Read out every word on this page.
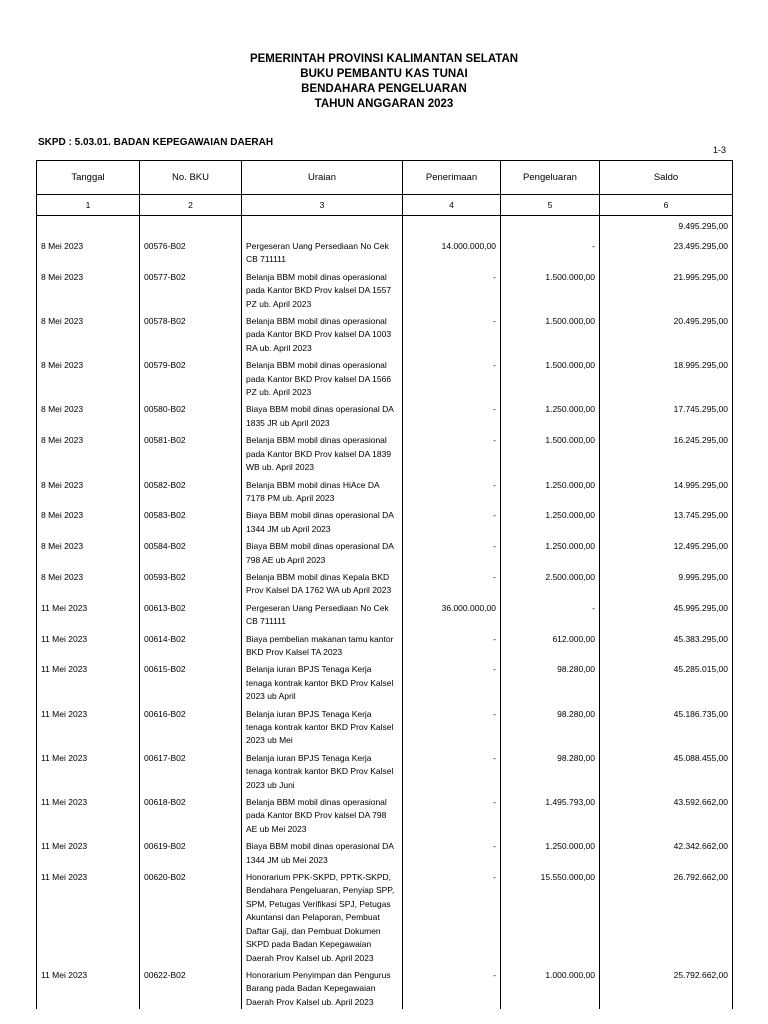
PEMERINTAH PROVINSI KALIMANTAN SELATAN
BUKU PEMBANTU KAS TUNAI
BENDAHARA PENGELUARAN
TAHUN ANGGARAN 2023
SKPD : 5.03.01. BADAN KEPEGAWAIAN DAERAH
1-3
Tanggal	No. BKU	Uraian	Penerimaan	Pengeluaran	Saldo
1	2	3	4	5	6
					9.495.295,00
8 Mei 2023	00576-B02	Pergeseran Uang Persediaan No Cek CB 711111	14.000.000,00	-	23.495.295,00
8 Mei 2023	00577-B02	Belanja BBM mobil dinas operasional pada Kantor BKD Prov kalsel DA 1557 PZ ub. April 2023	-	1.500.000,00	21.995.295,00
8 Mei 2023	00578-B02	Belanja BBM mobil dinas operasional pada Kantor BKD Prov kalsel DA 1003 RA ub. April 2023	-	1.500.000,00	20.495.295,00
8 Mei 2023	00579-B02	Belanja BBM mobil dinas operasional pada Kantor BKD Prov kalsel DA 1566 PZ ub. April 2023	-	1.500.000,00	18.995.295,00
8 Mei 2023	00580-B02	Biaya BBM mobil dinas operasional DA 1835 JR ub April 2023	-	1.250.000,00	17.745.295,00
8 Mei 2023	00581-B02	Belanja BBM mobil dinas operasional pada Kantor BKD Prov kalsel DA 1839 WB ub. April 2023	-	1.500.000,00	16.245.295,00
8 Mei 2023	00582-B02	Belanja BBM mobil dinas HiAce DA 7178 PM ub. April 2023	-	1.250.000,00	14.995.295,00
8 Mei 2023	00583-B02	Biaya BBM mobil dinas operasional DA 1344 JM ub April 2023	-	1.250.000,00	13.745.295,00
8 Mei 2023	00584-B02	Biaya BBM mobil dinas operasional DA 798 AE ub April 2023	-	1.250.000,00	12.495.295,00
8 Mei 2023	00593-B02	Belanja BBM mobil dinas Kepala BKD Prov Kalsel DA 1762 WA ub April 2023	-	2.500.000,00	9.995.295,00
11 Mei 2023	00613-B02	Pergeseran Uang Persediaan No Cek CB 711111	36.000.000,00	-	45.995.295,00
11 Mei 2023	00614-B02	Biaya pembelian makanan tamu kantor BKD Prov Kalsel TA 2023	-	612.000,00	45.383.295,00
11 Mei 2023	00615-B02	Belanja iuran BPJS Tenaga Kerja tenaga kontrak kantor BKD Prov Kalsel 2023 ub April	-	98.280,00	45.285.015,00
11 Mei 2023	00616-B02	Belanja iuran BPJS Tenaga Kerja tenaga kontrak kantor BKD Prov Kalsel 2023 ub Mei	-	98.280,00	45.186.735,00
11 Mei 2023	00617-B02	Belanja iuran BPJS Tenaga Kerja tenaga kontrak kantor BKD Prov Kalsel 2023 ub Juni	-	98.280,00	45.088.455,00
11 Mei 2023	00618-B02	Belanja BBM mobil dinas operasional pada Kantor BKD Prov kalsel DA 798 AE ub Mei 2023	-	1.495.793,00	43.592.662,00
11 Mei 2023	00619-B02	Biaya BBM mobil dinas operasional DA 1344 JM ub Mei 2023	-	1.250.000,00	42.342.662,00
11 Mei 2023	00620-B02	Honorarium PPK-SKPD, PPTK-SKPD, Bendahara Pengeluaran, Penyiap SPP, SPM, Petugas Verifikasi SPJ, Petugas Akuntansi dan Pelaporan, Pembuat Daftar Gaji, dan Pembuat Dokumen SKPD pada Badan Kepegawaian Daerah Prov Kalsel ub. April 2023	-	15.550.000,00	26.792.662,00
11 Mei 2023	00622-B02	Honorarium Penyimpan dan Pengurus Barang pada Badan Kepegawaian Daerah Prov Kalsel ub. April 2023	-	1.000.000,00	25.792.662,00
